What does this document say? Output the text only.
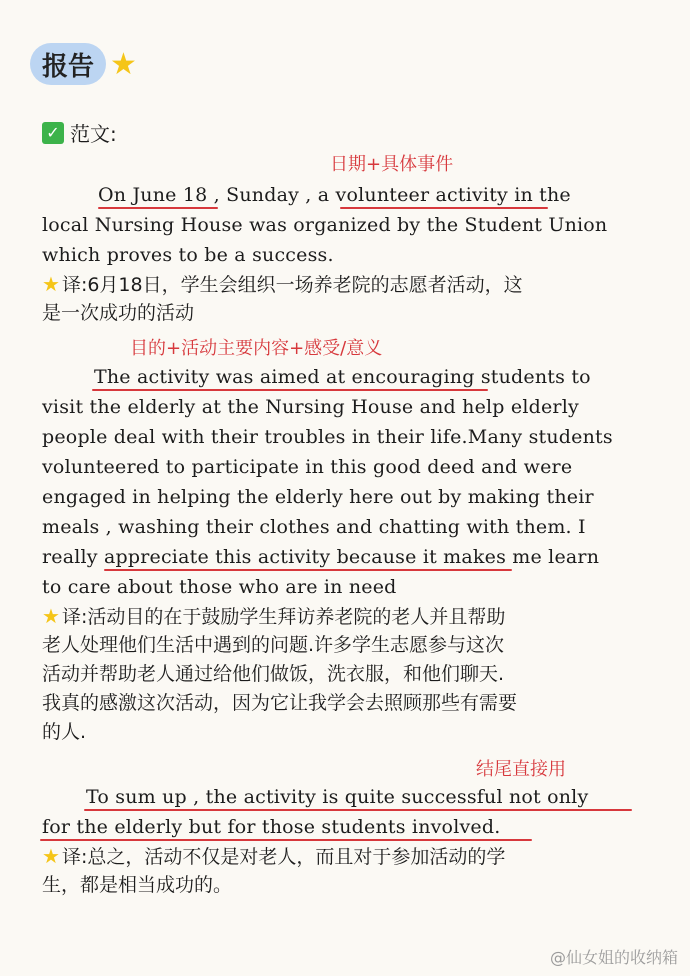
报告 ★
✓ 范文:
日期+具体事件
On June 18 , Sunday , a volunteer activity in the
local Nursing House was organized by the Student Union
which proves to be a success.
★ 译:6月18日，学生会组织一场养老院的志愿者活动，这
是一次成功的活动
目的+活动主要内容+感受/意义
The activity was aimed at encouraging students to
visit the elderly at the Nursing House and help elderly
people deal with their troubles in their life.Many students
volunteered to participate in this good deed and were
engaged in helping the elderly here out by making their
meals , washing their clothes and chatting with them. I
really appreciate this activity because it makes me learn
to care about those who are in need
★ 译:活动目的在于鼓励学生拜访养老院的老人并且帮助
老人处理他们生活中遇到的问题.许多学生志愿参与这次
活动并帮助老人通过给他们做饭，洗衣服，和他们聊天.
我真的感激这次活动，因为它让我学会去照顾那些有需要
的人.
结尾直接用
To sum up , the activity is quite successful not only
for the elderly but for those students involved.
★ 译:总之，活动不仅是对老人，而且对于参加活动的学
生，都是相当成功的。
@仙女姐的收纳箱
